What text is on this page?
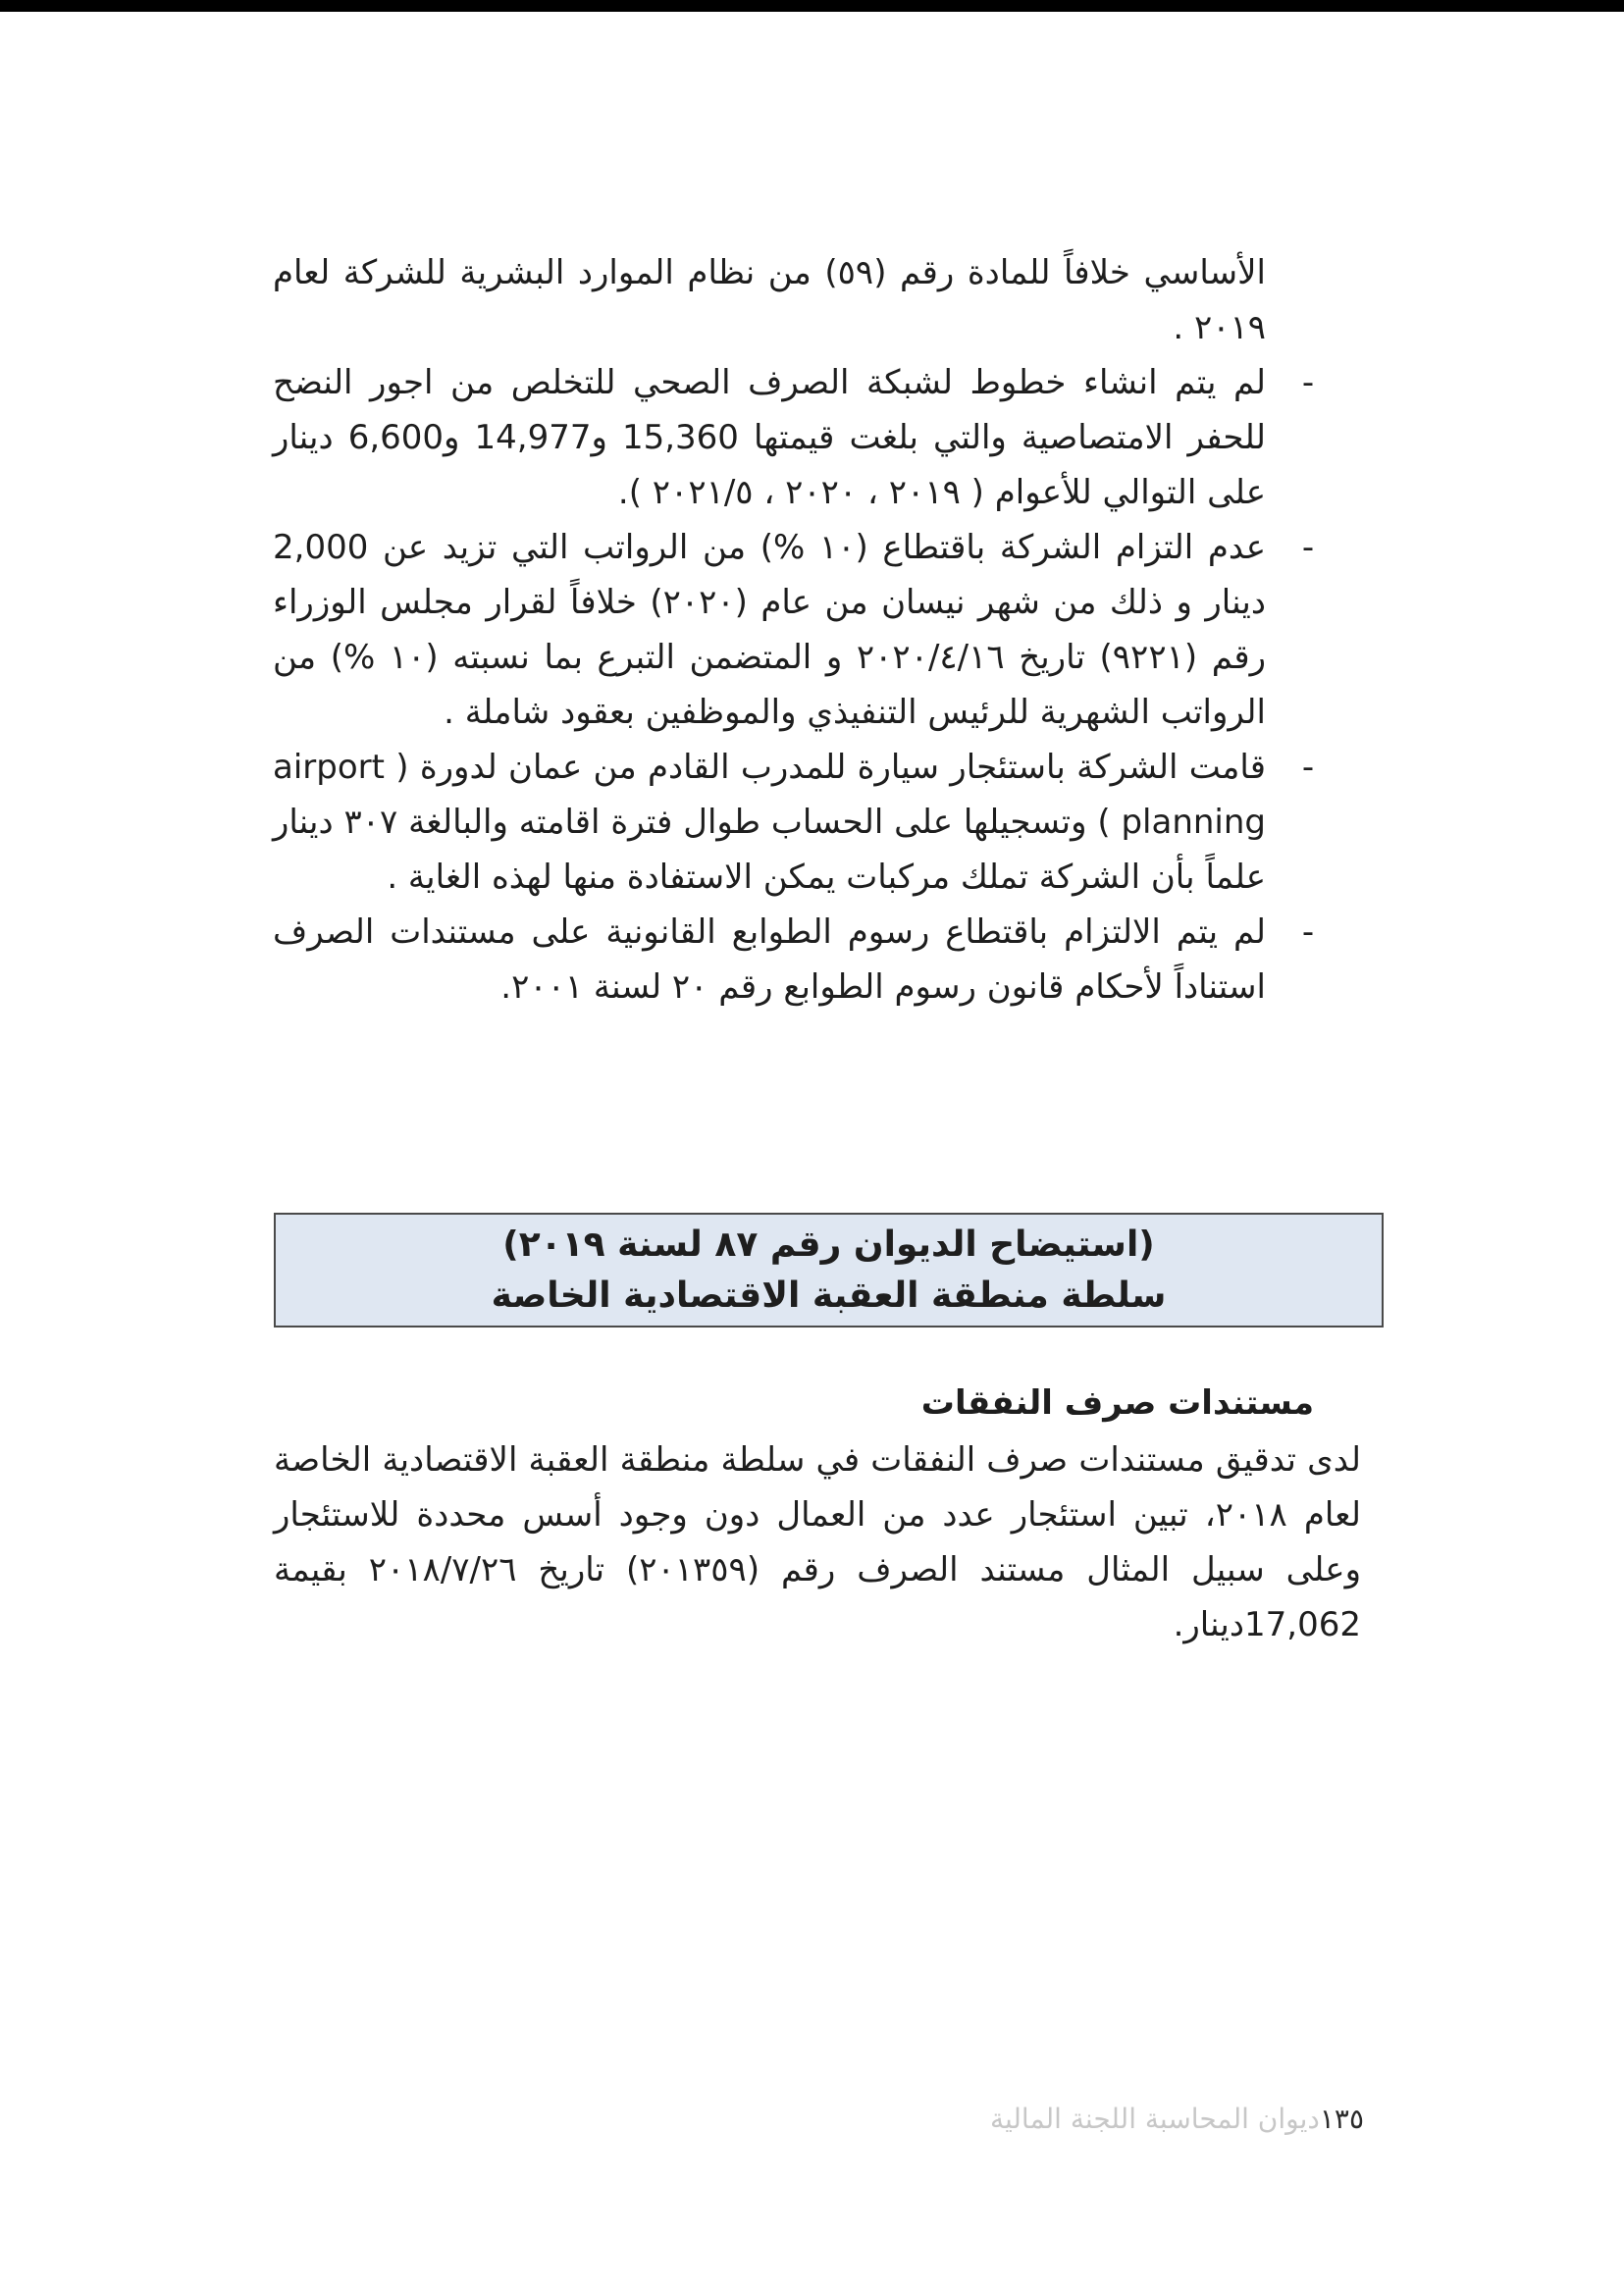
الأساسي خلافاً للمادة رقم (٥٩) من نظام الموارد البشرية للشركة لعام ٢٠١٩ .

-
لم يتم انشاء خطوط لشبكة الصرف الصحي للتخلص من اجور النضح للحفر الامتصاصية والتي بلغت قيمتها 15,360 و14,977 و6,600 دينار على التوالي للأعوام ( ٢٠١٩ ، ٢٠٢٠ ، ٢٠٢١/٥ ).
-
عدم التزام الشركة باقتطاع (١٠ %) من الرواتب التي تزيد عن 2,000 دينار و ذلك من شهر نيسان من عام (٢٠٢٠) خلافاً لقرار مجلس الوزراء رقم (٩٢٢١) تاريخ ٢٠٢٠/٤/١٦ و المتضمن التبرع بما نسبته (١٠ %) من الرواتب الشهرية للرئيس التنفيذي والموظفين بعقود شاملة .
-
قامت الشركة باستئجار سيارة للمدرب القادم من عمان لدورة ( airport planning ) وتسجيلها على الحساب طوال فترة اقامته والبالغة ٣٠٧ دينار علماً بأن الشركة تملك مركبات يمكن الاستفادة منها لهذه الغاية .
-
لم يتم الالتزام باقتطاع رسوم الطوابع القانونية على مستندات الصرف استناداً لأحكام قانون رسوم الطوابع رقم ٢٠ لسنة ٢٠٠١.
(استيضاح الديوان رقم ٨٧ لسنة ٢٠١٩)
سلطة منطقة العقبة الاقتصادية الخاصة
مستندات صرف النفقات

لدى تدقيق مستندات صرف النفقات في سلطة منطقة العقبة الاقتصادية الخاصة لعام ٢٠١٨، تبين استئجار عدد من العمال دون وجود أسس محددة للاستئجار وعلى سبيل المثال مستند الصرف رقم (٢٠١٣٥٩) تاريخ ٢٠١٨/٧/٢٦ بقيمة 17,062دينار.

١٣٥ديوان المحاسبة اللجنة المالية
